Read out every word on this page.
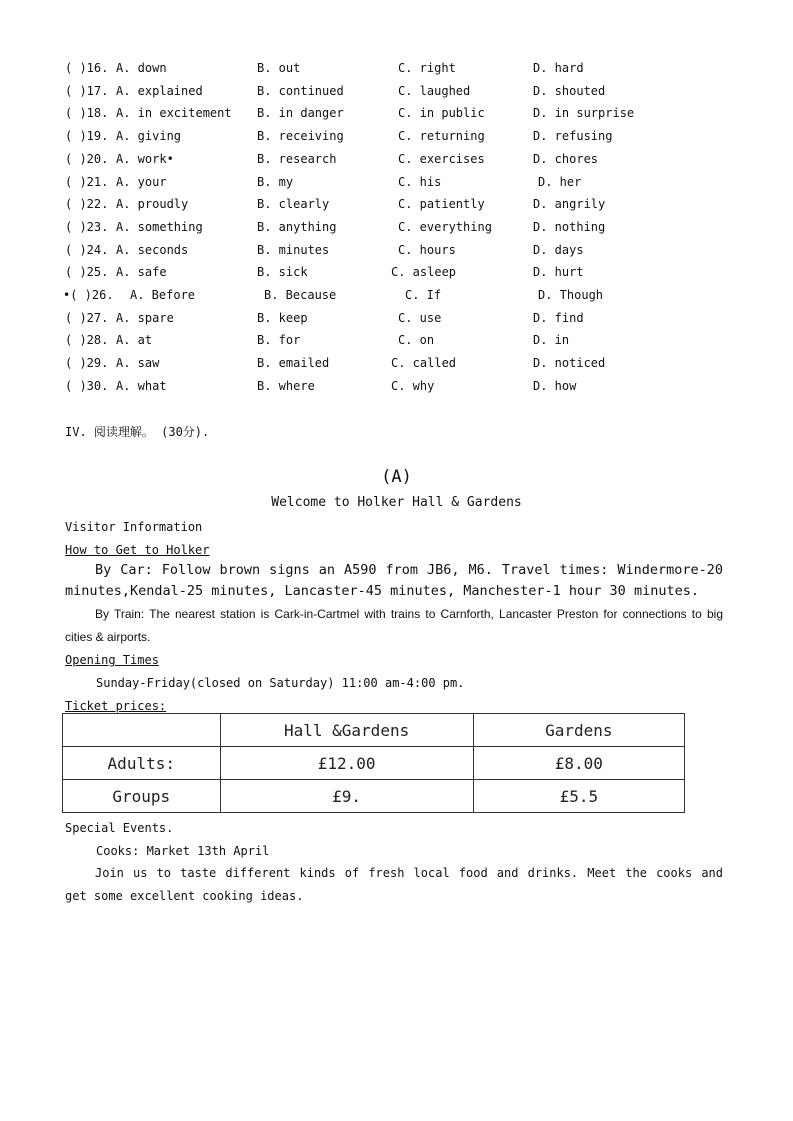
( )16. A. down	B. out	C. right	D. hard
( )17. A. explained	B. continued	C. laughed	D. shouted
( )18. A. in excitement B. in danger	C. in public	D. in surprise
( )19. A. giving	B. receiving	C. returning	D. refusing
( )20. A. work•	B. research	C. exercises	D. chores
( )21. A. your	B. my	C. his	D. her
( )22. A. proudly	B. clearly	C. patiently	D. angrily
( )23. A. something	B. anything	C. everything	D. nothing
( )24. A. seconds	B. minutes	C. hours	D. days
( )25. A. safe	B. sick	C. asleep	D. hurt
•( )26. A. Before	B. Because	C. If	D. Though
( )27. A. spare	B. keep	C. use	D. find
( )28. A. at	B. for	C. on	D. in
( )29. A. saw	B. emailed	C. called	D. noticed
( )30. A. what	B. where	C. why	D. how
IV. 阅读理解。 (30分).
(A)
Welcome to Holker Hall & Gardens
Visitor Information
How to Get to Holker
By Car: Follow brown signs an A590 from JB6, M6. Travel times: Windermore-20 minutes,Kendal-25 minutes, Lancaster-45 minutes, Manchester-1 hour 30 minutes.
By Train: The nearest station is Cark-in-Cartmel with trains to Carnforth, Lancaster Preston for connections to big cities & airports.
Opening Times
Sunday-Friday(closed on Saturday) 11:00 am-4:00 pm.
Ticket prices:
	Hall &Gardens	Gardens
Adults:	£12.00	£8.00
Groups	£9.	£5.5
Special Events.
Cooks: Market 13th April
Join us to taste different kinds of fresh local food and drinks. Meet the cooks and get some excellent cooking ideas.
